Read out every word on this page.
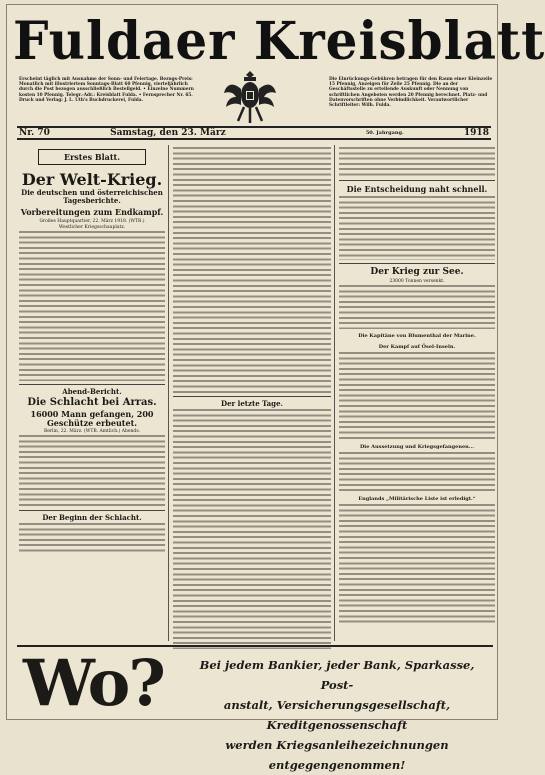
Fuldaer Kreisblatt
Erscheint täglich mit Ausnahme der Sonn- und Feiertage. Bezugs-Preis: Monatlich mit illustriertem Sonntags-Blatt 60 Pfennig, vierteljährlich durch die Post bezogen ausschließlich Bestellgeld. • Einzelne Nummern kosten 10 Pfennig. Telegr.-Adr.: Kreisblatt Fulda. • Fernsprecher Nr. 65. Druck und Verlag: J. L. Uth's Buchdruckerei, Fulda.
Die Einrückungs-Gebühren betragen für den Raum einer Kleinzeile 15 Pfennig, Anzeigen für Zeile 25 Pfennig. Die an der Geschäftsstelle zu erteilende Auskunft oder Nennung von schriftlichen Angeboten werden 20 Pfennig berechnet. Platz- und Datenvorschriften ohne Verbindlichkeit. Verantwortlicher Schriftleiter: Wilh. Fulda.
Nr. 70	Samstag, den 23. März	50. Jahrgang.	1918
Erstes Blatt.
Der Welt-Krieg.
Die deutschen und österreichischen Tagesberichte.
Vorbereitungen zum Endkampf.
Großes Hauptquartier, 22. März 1918. (WTB.)
Westlicher Kriegsschauplatz.
Abend-Bericht.
Die Schlacht bei Arras.
16000 Mann gefangen, 200 Geschütze erbeutet.
Berlin, 22. März. (WTB. Amtlich.) Abends.
Der Beginn der Schlacht.
Der letzte Tage.
Die Entscheidung naht schnell.
Der Krieg zur See.
23000 Tonnen versenkt.
Die Kapitäne von Blumenthal der Marine.
Der Kampf auf Ösel-Inseln.
Die Aussetzung und Kriegsgefangenen...
Englands „Militärische Liste ist erledigt.“
Wo?	Bei jedem Bankier, jeder Bank, Sparkasse, Post-
anstalt, Versicherungsgesellschaft, Kreditgenossenschaft
werden Kriegsanleihezeichnungen entgegengenommen!
